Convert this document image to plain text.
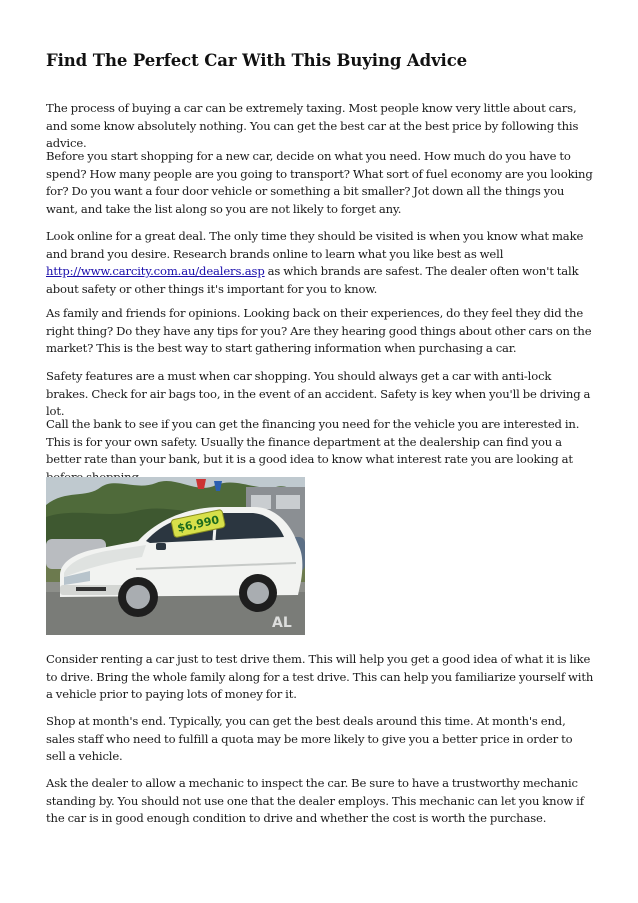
Find The Perfect Car With This Buying Advice

The process of buying a car can be extremely taxing. Most people know very little about cars, and some know absolutely nothing. You can get the best car at the best price by following this advice.

Before you start shopping for a new car, decide on what you need. How much do you have to spend? How many people are you going to transport? What sort of fuel economy are you looking for? Do you want a four door vehicle or something a bit smaller? Jot down all the things you want, and take the list along so you are not likely to forget any.

Look online for a great deal. The only time they should be visited is when you know what make and brand you desire. Research brands online to learn what you like best as well http://www.carcity.com.au/dealers.asp as which brands are safest. The dealer often won't talk about safety or other things it's important for you to know.

As family and friends for opinions. Looking back on their experiences, do they feel they did the right thing? Do they have any tips for you? Are they hearing good things about other cars on the market? This is the best way to start gathering information when purchasing a car.

Safety features are a must when car shopping. You should always get a car with anti-lock brakes. Check for air bags too, in the event of an accident. Safety is key when you'll be driving a lot.

Call the bank to see if you can get the financing you need for the vehicle you are interested in. This is for your own safety. Usually the finance department at the dealership can find you a better rate than your bank, but it is a good idea to know what interest rate you are looking at

$6,990
AL

Consider renting a car just to test drive them. This will help you get a good idea of what it is like to drive. Bring the whole family along for a test drive. This can help you familiarize yourself with a vehicle prior to paying lots of money for it.

Shop at month's end. Typically, you can get the best deals around this time. At month's end, sales staff who need to fulfill a quota may be more likely to give you a better price in order to sell a vehicle.

Ask the dealer to allow a mechanic to inspect the car. Be sure to have a trustworthy mechanic standing by. You should not use one that the dealer employs. This mechanic can let you know if the car is in good enough condition to drive and whether the cost is worth the purchase.
